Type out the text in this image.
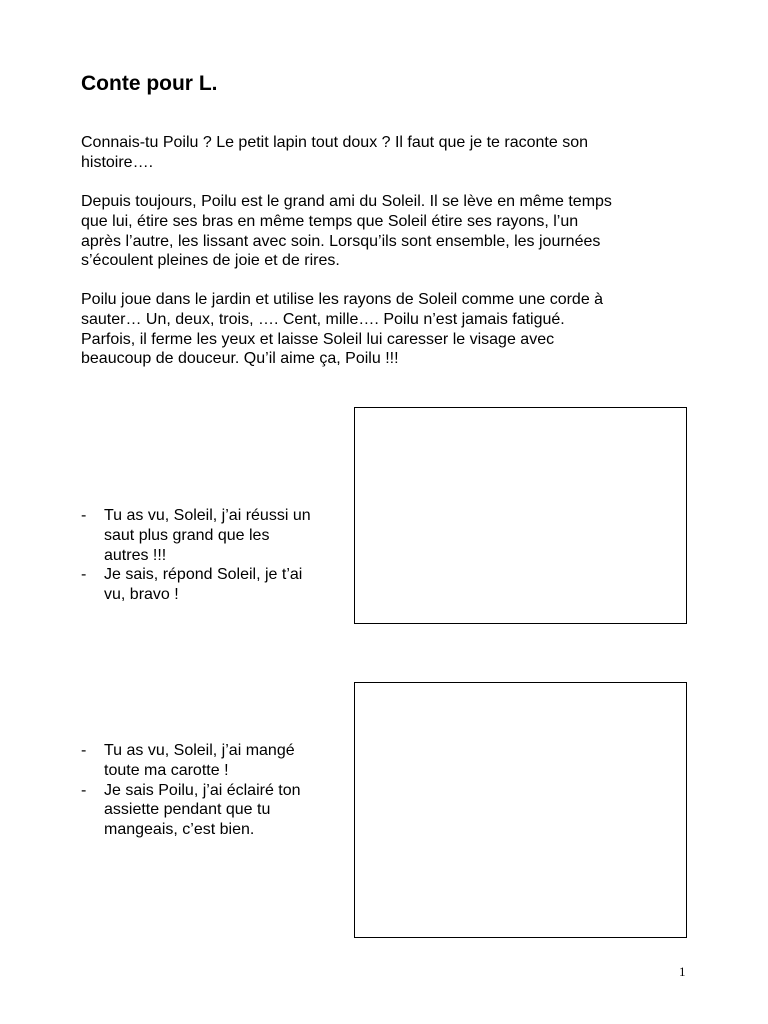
Conte pour L.

Connais-tu Poilu ? Le petit lapin tout doux ? Il faut que je te raconte son
histoire….

Depuis toujours, Poilu est le grand ami du Soleil. Il se lève en même temps
que lui, étire ses bras en même temps que Soleil étire ses rayons, l’un
après l’autre, les lissant avec soin. Lorsqu’ils sont ensemble, les journées
s’écoulent pleines de joie et de rires.

Poilu joue dans le jardin et utilise les rayons de Soleil comme une corde à
sauter… Un, deux, trois, …. Cent, mille…. Poilu n’est jamais fatigué.
Parfois, il ferme les yeux et laisse Soleil lui caresser le visage avec
beaucoup de douceur. Qu’il aime ça, Poilu !!!

- Tu as vu, Soleil, j’ai réussi un
saut plus grand que les
autres !!!
- Je sais, répond Soleil, je t’ai
vu, bravo !
- Tu as vu, Soleil, j’ai mangé
toute ma carotte !
- Je sais Poilu, j’ai éclairé ton
assiette pendant que tu
mangeais, c’est bien.
1
